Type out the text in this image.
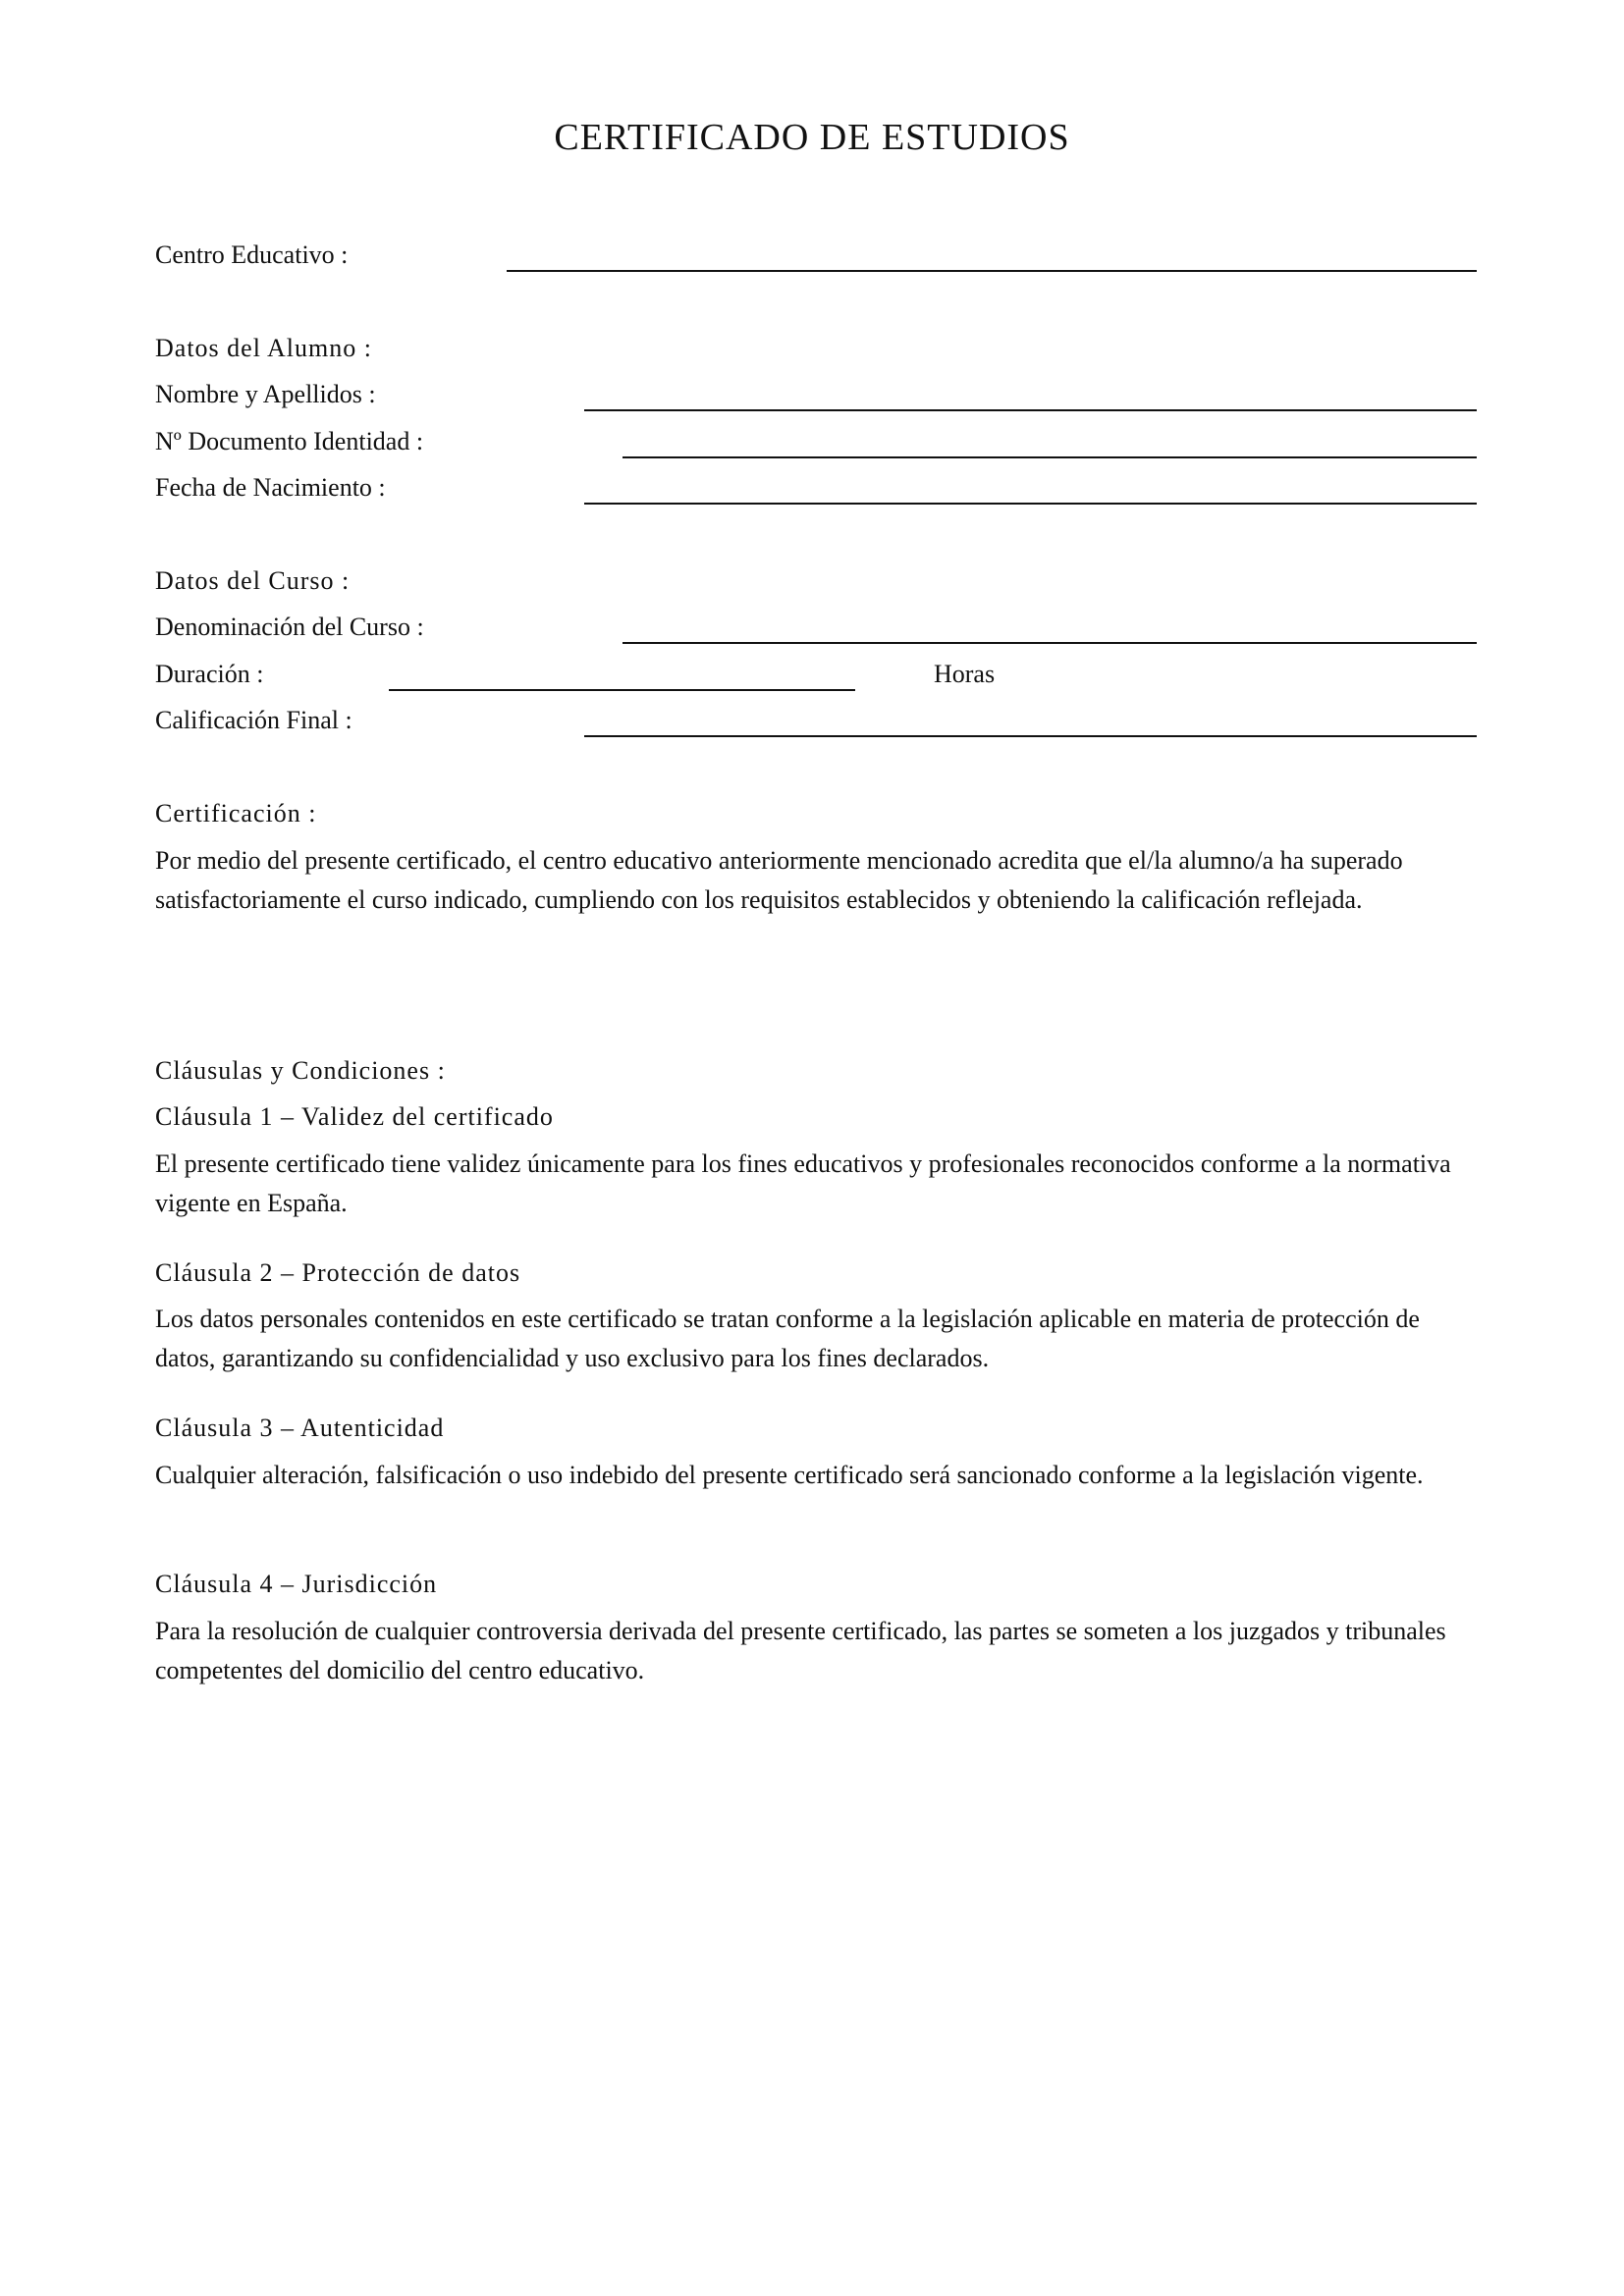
CERTIFICADO DE ESTUDIOS
Centro Educativo :
Datos del Alumno :
Nombre y Apellidos :
Nº Documento Identidad :
Fecha de Nacimiento :
Datos del Curso :
Denominación del Curso :
Duración :	Horas
Calificación Final :
Certificación :

Por medio del presente certificado, el centro educativo anteriormente mencionado acredita que el/la alumno/a ha superado satisfactoriamente el curso indicado, cumpliendo con los requisitos establecidos y obteniendo la calificación reflejada.

Cláusulas y Condiciones :
Cláusula 1 – Validez del certificado

El presente certificado tiene validez únicamente para los fines educativos y profesionales reconocidos conforme a la normativa vigente en España.

Cláusula 2 – Protección de datos

Los datos personales contenidos en este certificado se tratan conforme a la legislación aplicable en materia de protección de datos, garantizando su confidencialidad y uso exclusivo para los fines declarados.

Cláusula 3 – Autenticidad

Cualquier alteración, falsificación o uso indebido del presente certificado será sancionado conforme a la legislación vigente.

Cláusula 4 – Jurisdicción

Para la resolución de cualquier controversia derivada del presente certificado, las partes se someten a los juzgados y tribunales competentes del domicilio del centro educativo.
